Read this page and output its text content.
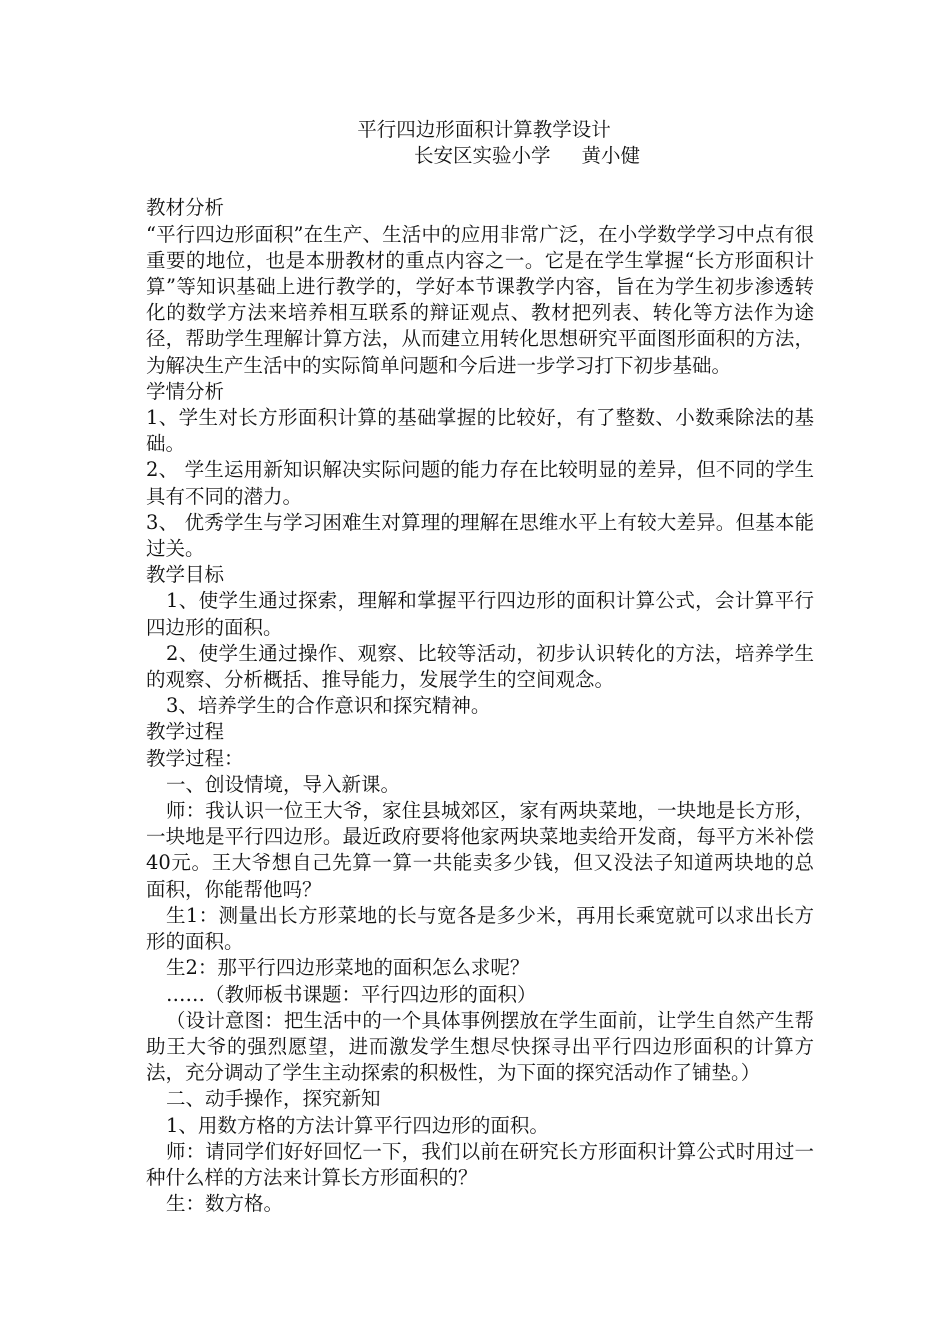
平行四边形面积计算教学设计

长安区实验小学     黄小健

教材分析

“平行四边形面积”在生产、生活中的应用非常广泛，在小学数学学习中点有很重要的地位，也是本册教材的重点内容之一。它是在学生掌握“长方形面积计算”等知识基础上进行教学的，学好本节课教学内容，旨在为学生初步渗透转化的数学方法来培养相互联系的辩证观点、教材把列表、转化等方法作为途径，帮助学生理解计算方法，从而建立用转化思想研究平面图形面积的方法，为解决生产生活中的实际简单问题和今后进一步学习打下初步基础。

学情分析

1、学生对长方形面积计算的基础掌握的比较好，有了整数、小数乘除法的基础。

2、 学生运用新知识解决实际问题的能力存在比较明显的差异，但不同的学生具有不同的潜力。

3、 优秀学生与学习困难生对算理的理解在思维水平上有较大差异。但基本能过关。

教学目标

1、使学生通过探索，理解和掌握平行四边形的面积计算公式，会计算平行四边形的面积。

2、使学生通过操作、观察、比较等活动，初步认识转化的方法，培养学生的观察、分析概括、推导能力，发展学生的空间观念。

3、培养学生的合作意识和探究精神。

教学过程

教学过程：

一、创设情境，导入新课。

师：我认识一位王大爷，家住县城郊区，家有两块菜地，一块地是长方形，一块地是平行四边形。最近政府要将他家两块菜地卖给开发商，每平方米补偿40元。王大爷想自己先算一算一共能卖多少钱，但又没法子知道两块地的总面积，你能帮他吗？

生1：测量出长方形菜地的长与宽各是多少米，再用长乘宽就可以求出长方形的面积。

生2：那平行四边形菜地的面积怎么求呢？

……（教师板书课题：平行四边形的面积）

（设计意图：把生活中的一个具体事例摆放在学生面前，让学生自然产生帮助王大爷的强烈愿望，进而激发学生想尽快探寻出平行四边形面积的计算方法，充分调动了学生主动探索的积极性，为下面的探究活动作了铺垫。）

二、动手操作，探究新知

1、用数方格的方法计算平行四边形的面积。

师：请同学们好好回忆一下，我们以前在研究长方形面积计算公式时用过一种什么样的方法来计算长方形面积的？

生：数方格。
